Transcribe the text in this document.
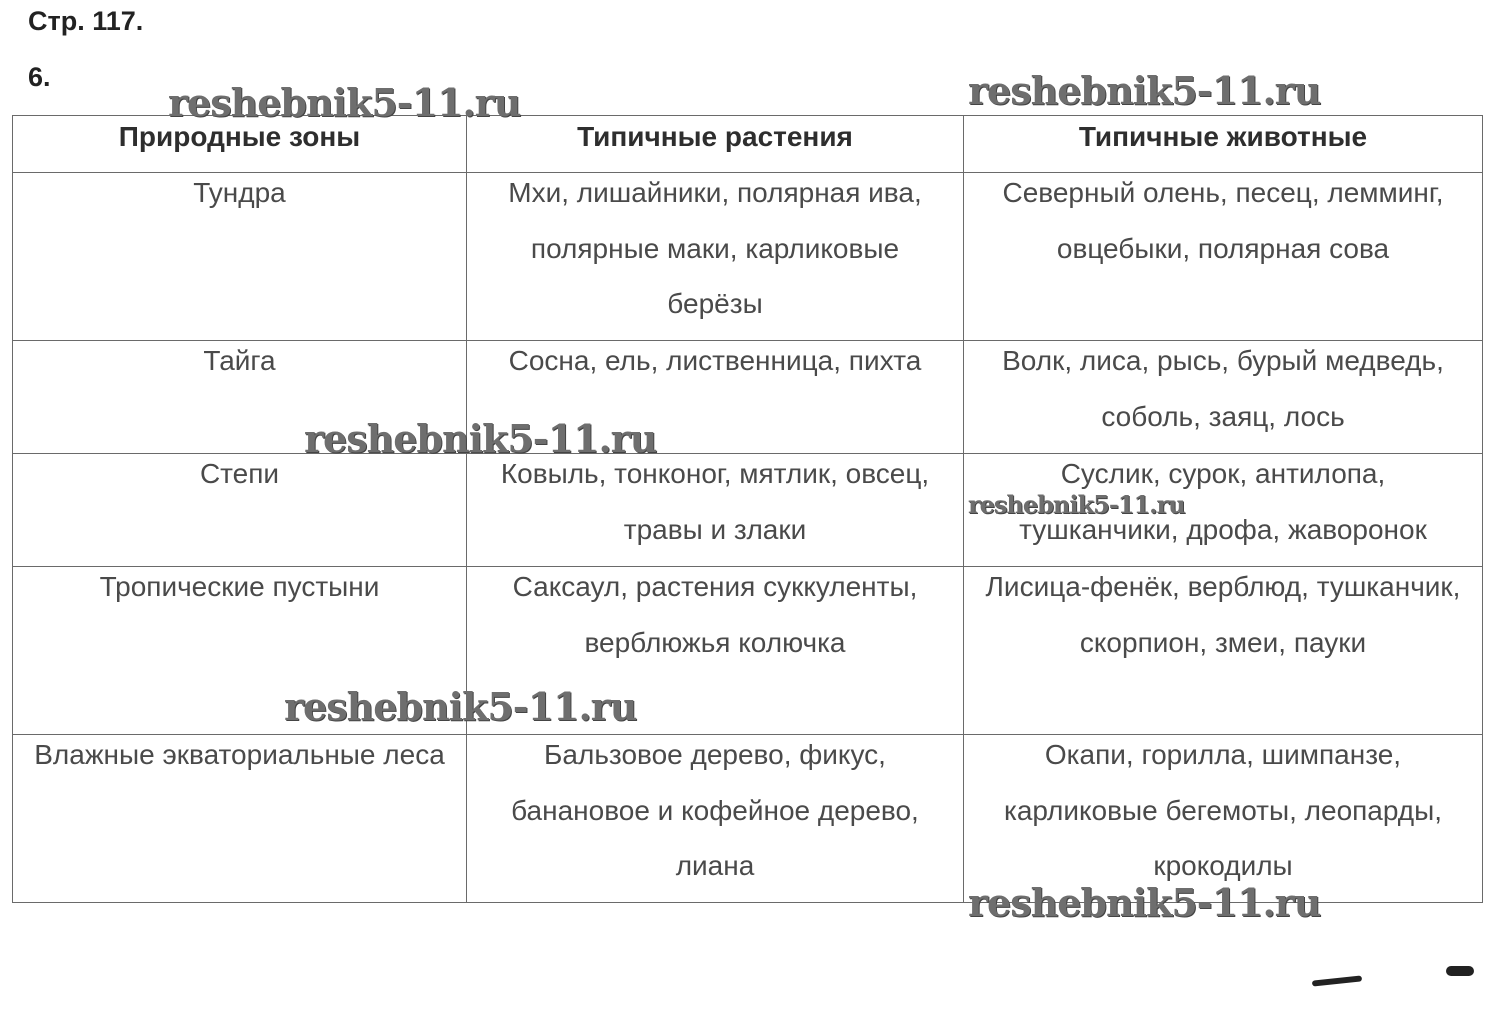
Стр. 117.
6.
Природные зоны	Типичные растения	Типичные животные

Тундра	Мхи, лишайники, полярная ива, полярные маки, карликовые берёзы	Северный олень, песец, лемминг, овцебыки, полярная сова

Тайга	Сосна, ель, лиственница, пихта	Волк, лиса, рысь, бурый медведь, соболь, заяц, лось

Степи	Ковыль, тонконог, мятлик, овсец, травы и злаки	Суслик, сурок, антилопа, тушканчики, дрофа, жаворонок

Тропические пустыни	Саксаул, растения суккуленты, верблюжья колючка	Лисица-фенёк, верблюд, тушканчик, скорпион, змеи, пауки

Влажные экваториальные леса	Бальзовое дерево, фикус, банановое и кофейное дерево, лиана	Окапи, горилла, шимпанзе, карликовые бегемоты, леопарды, крокодилы
reshebnik5-11.ru	reshebnik5-11.ru
reshebnik5-11.ru
reshebnik5-11.ru
reshebnik5-11.ru
reshebnik5-11.ru
